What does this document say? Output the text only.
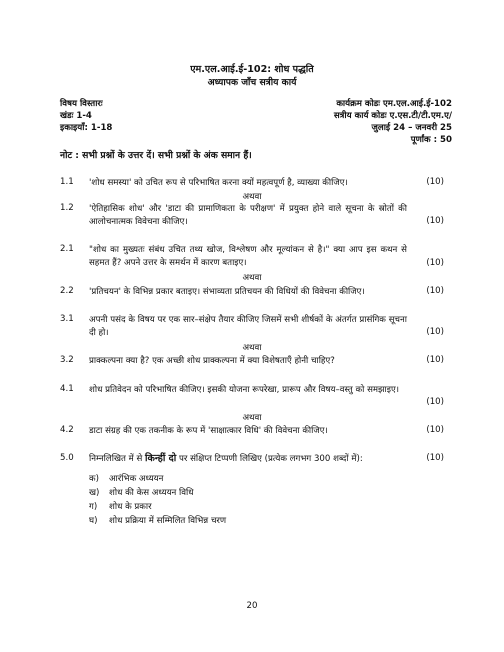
एम.एल.आई.ई-102: शोध पद्धति
अध्यापक जाँच सत्रीय कार्य
विषय विस्तारः
खंडः 1-4
इकाइयाँ: 1-18
कार्यक्रम कोडः एम.एल.आई.ई-102
सत्रीय कार्य कोडः ए.एस.टी/टी.एम.ए/
जुलाई 24 – जनवरी 25
पूर्णांक : 50
नोट : सभी प्रश्नों के उत्तर दें। सभी प्रश्नों के अंक समान हैं।
1.1 'शोध समस्या' को उचित रूप से परिभाषित करना क्यों महत्वपूर्ण है, व्याख्या कीजिए।	(10)
अथवा
1.2 'ऐतिहासिक शोध' और 'डाटा की प्रामाणिकता के परीक्षण' में प्रयुक्त होने वाले सूचना के स्रोतों की आलोचनात्मक विवेचना कीजिए।	(10)
2.1 "शोध का मुख्यतः संबंध उचित तथ्य खोज, विश्लेषण और मूल्यांकन से है।" क्या आप इस कथन से सहमत हैं? अपने उत्तर के समर्थन में कारण बताइए।	(10)
अथवा
2.2 'प्रतिचयन' के विभिन्न प्रकार बताइए। संभाव्यता प्रतिचयन की विधियों की विवेचना कीजिए।	(10)
3.1 अपनी पसंद के विषय पर एक सार–संक्षेप तैयार कीजिए जिसमें सभी शीर्षकों के अंतर्गत प्रासंगिक सूचना दी हो।	(10)
अथवा
3.2 प्राक्कल्पना क्या है? एक अच्छी शोध प्राक्कल्पना में क्या विशेषताएँ होनी चाहिए?	(10)
4.1 शोध प्रतिवेदन को परिभाषित कीजिए। इसकी योजना रूपरेखा, प्रारूप और विषय–वस्तु को समझाइए।
(10)
अथवा
4.2 डाटा संग्रह की एक तकनीक के रूप में 'साक्षात्कार विधि' की विवेचना कीजिए।	(10)
5.0 निम्नलिखित में से किन्हीं दो पर संक्षिप्त टिप्पणी लिखिए (प्रत्येक लगभग 300 शब्दों में):	(10)
क) आरंभिक अध्ययन
ख) शोध की केस अध्ययन विधि
ग) शोध के प्रकार
घ) शोध प्रक्रिया में सम्मिलित विभिन्न चरण
20
